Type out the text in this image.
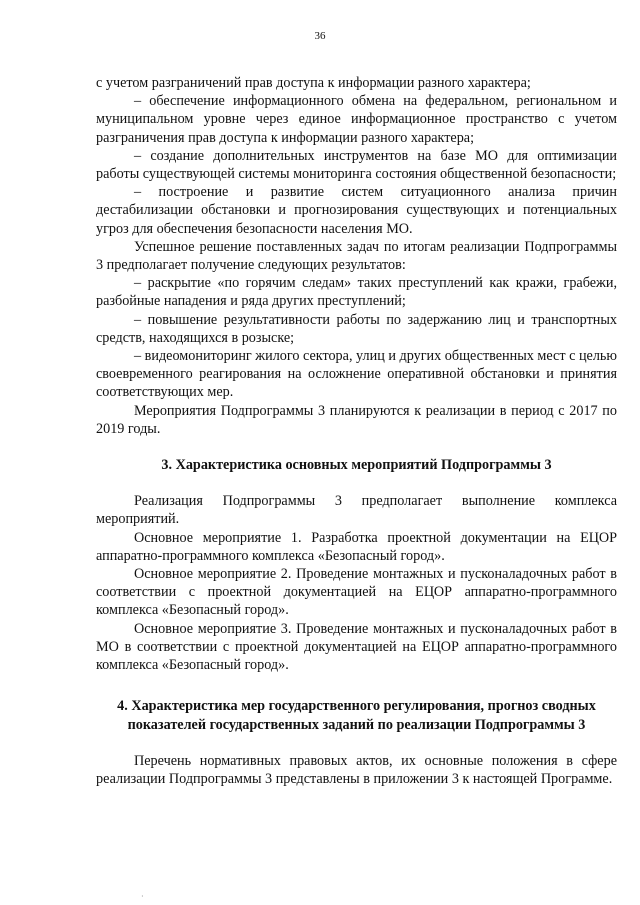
36

с учетом разграничений прав доступа к информации разного характера;

– обеспечение информационного обмена на федеральном, региональном и муниципальном уровне через единое информационное пространство с учетом разграничения прав доступа к информации разного характера;

– создание дополнительных инструментов на базе МО для оптимизации работы существующей системы мониторинга состояния общественной безопасности;

– построение и развитие систем ситуационного анализа причин дестабилизации обстановки и прогнозирования существующих и потенциальных угроз для обеспечения безопасности населения МО.

Успешное решение поставленных задач по итогам реализации Подпрограммы 3 предполагает получение следующих результатов:

– раскрытие «по горячим следам» таких преступлений как кражи, грабежи, разбойные нападения и ряда других преступлений;

– повышение результативности работы по задержанию лиц и транспортных средств, находящихся в розыске;

– видеомониторинг жилого сектора, улиц и других общественных мест с целью своевременного реагирования на осложнение оперативной обстановки и принятия соответствующих мер.

Мероприятия Подпрограммы 3 планируются к реализации в период с 2017 по 2019 годы.

3. Характеристика основных мероприятий Подпрограммы 3

Реализация Подпрограммы 3 предполагает выполнение комплекса мероприятий.

Основное мероприятие 1. Разработка проектной документации на ЕЦОР аппаратно-программного комплекса «Безопасный город».

Основное мероприятие 2. Проведение монтажных и пусконаладочных работ в соответствии с проектной документацией на ЕЦОР аппаратно-программного комплекса «Безопасный город».

Основное мероприятие 3. Проведение монтажных и пусконаладочных работ в МО в соответствии с проектной документацией на ЕЦОР аппаратно-программного комплекса «Безопасный город».

4. Характеристика мер государственного регулирования, прогноз сводных показателей государственных заданий по реализации Подпрограммы 3

Перечень нормативных правовых актов, их основные положения в сфере реализации Подпрограммы 3 представлены в приложении 3 к настоящей Программе.

·
